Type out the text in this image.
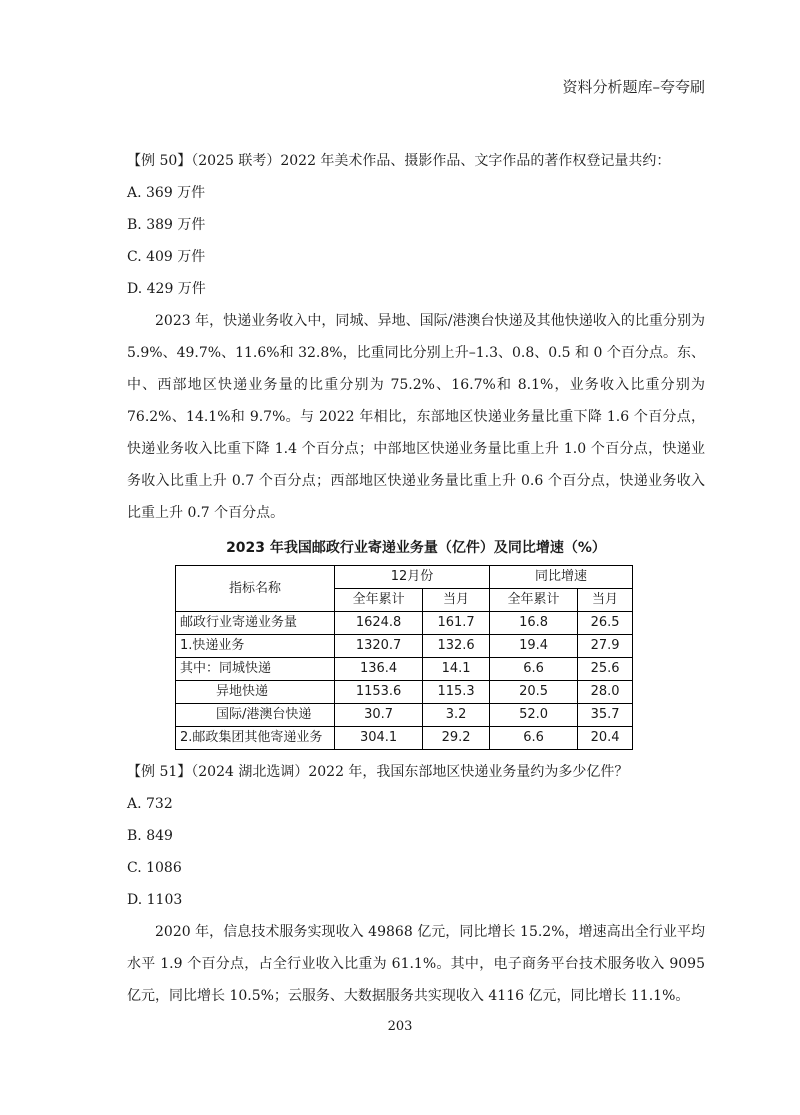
资料分析题库–夸夸刷

【例 50】（2025 联考）2022 年美术作品、摄影作品、文字作品的著作权登记量共约：

A. 369 万件

B. 389 万件

C. 409 万件

D. 429 万件

2023 年，快递业务收入中，同城、异地、国际/港澳台快递及其他快递收入的比重分别为 5.9%、49.7%、11.6%和 32.8%，比重同比分别上升–1.3、0.8、0.5 和 0 个百分点。东、中、西部地区快递业务量的比重分别为 75.2%、16.7%和 8.1%，业务收入比重分别为 76.2%、14.1%和 9.7%。与 2022 年相比，东部地区快递业务量比重下降 1.6 个百分点，快递业务收入比重下降 1.4 个百分点；中部地区快递业务量比重上升 1.0 个百分点，快递业务收入比重上升 0.7 个百分点；西部地区快递业务量比重上升 0.6 个百分点，快递业务收入比重上升 0.7 个百分点。

2023 年我国邮政行业寄递业务量（亿件）及同比增速（%）
指标名称	12月份		同比增速	
	全年累计	当月	全年累计	当月
邮政行业寄递业务量	1624.8	161.7	16.8	26.5
1.快递业务	1320.7	132.6	19.4	27.9
其中：同城快递	136.4	14.1	6.6	25.6
异地快递	1153.6	115.3	20.5	28.0
国际/港澳台快递	30.7	3.2	52.0	35.7
2.邮政集团其他寄递业务	304.1	29.2	6.6	20.4

【例 51】（2024 湖北选调）2022 年，我国东部地区快递业务量约为多少亿件？

A. 732

B. 849

C. 1086

D. 1103

2020 年，信息技术服务实现收入 49868 亿元，同比增长 15.2%，增速高出全行业平均水平 1.9 个百分点，占全行业收入比重为 61.1%。其中，电子商务平台技术服务收入 9095 亿元，同比增长 10.5%；云服务、大数据服务共实现收入 4116 亿元，同比增长 11.1%。

203
